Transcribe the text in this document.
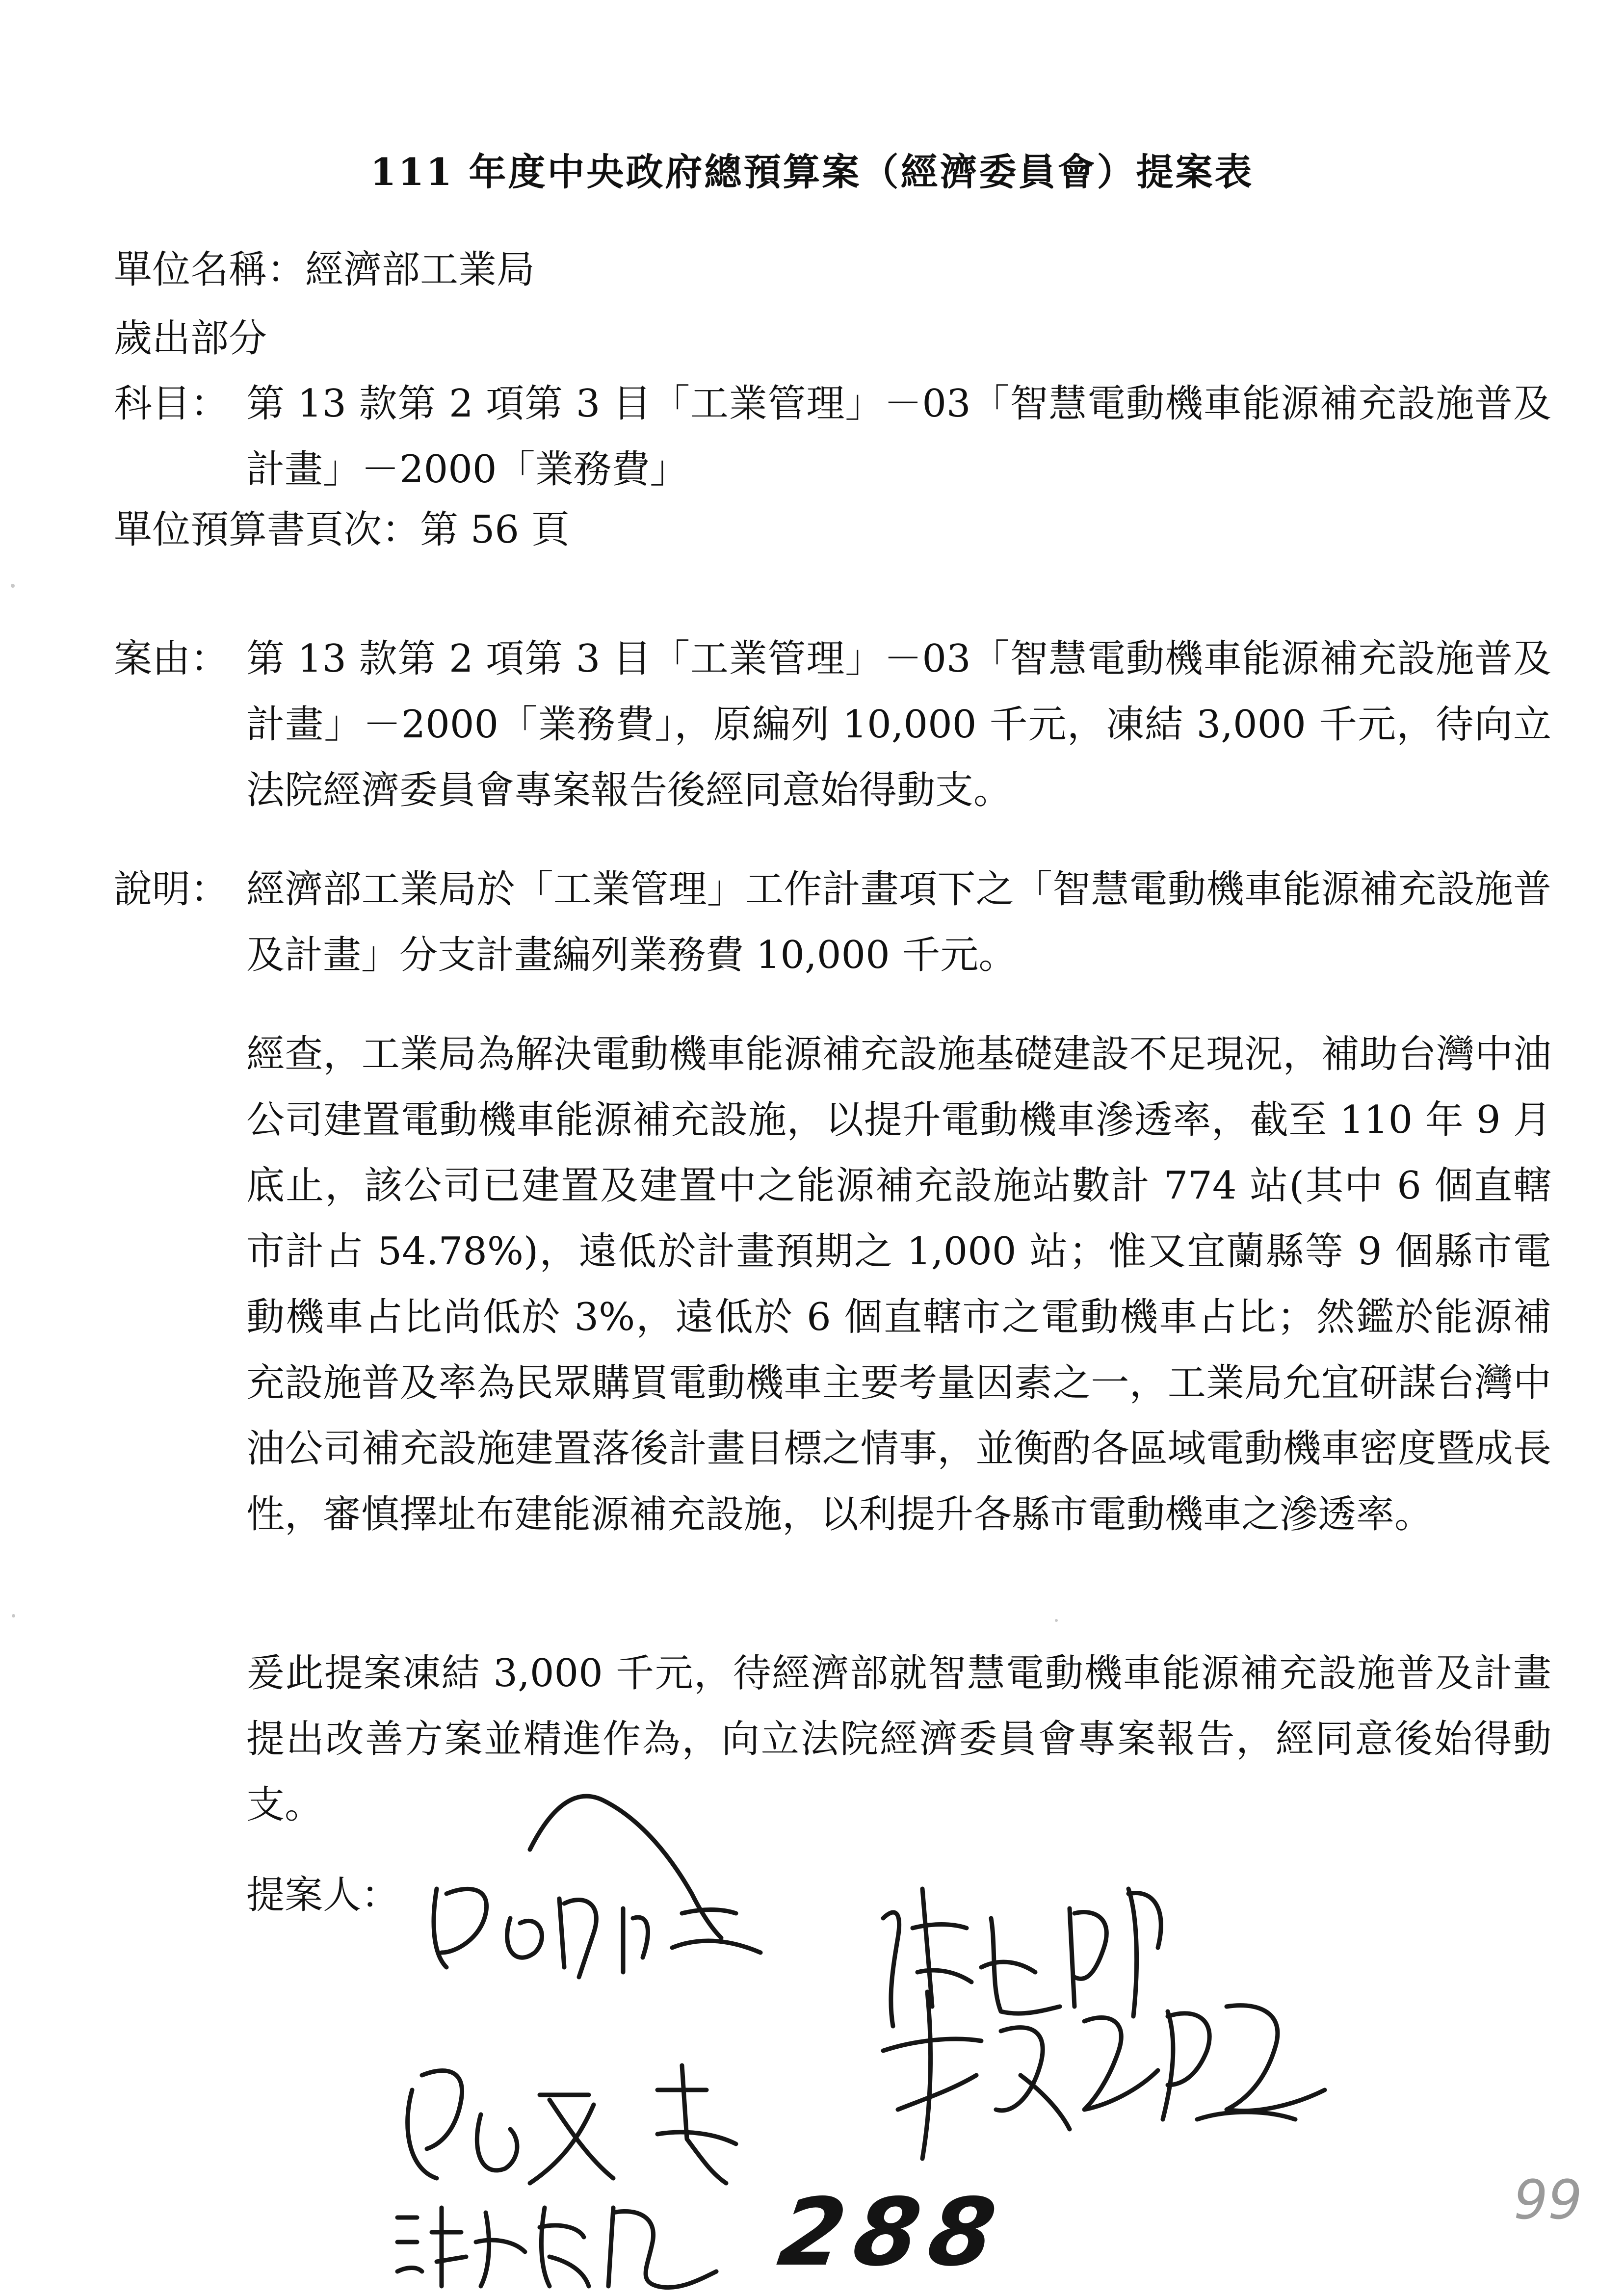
111 年度中央政府總預算案（經濟委員會）提案表
單位名稱：經濟部工業局
歲出部分
科目： 第 13 款第 2 項第 3 目「工業管理」－03「智慧電動機車能源補充設施普及計畫」－2000「業務費」
單位預算書頁次：第 56 頁
案由： 第 13 款第 2 項第 3 目「工業管理」－03「智慧電動機車能源補充設施普及計畫」－2000「業務費」，原編列 10,000 千元，凍結 3,000 千元，待向立法院經濟委員會專案報告後經同意始得動支。
說明： 經濟部工業局於「工業管理」工作計畫項下之「智慧電動機車能源補充設施普及計畫」分支計畫編列業務費 10,000 千元。
經查，工業局為解決電動機車能源補充設施基礎建設不足現況，補助台灣中油公司建置電動機車能源補充設施，以提升電動機車滲透率，截至 110 年 9 月底止，該公司已建置及建置中之能源補充設施站數計 774 站(其中 6 個直轄市計占 54.78%)，遠低於計畫預期之 1,000 站；惟又宜蘭縣等 9 個縣市電動機車占比尚低於 3%，遠低於 6 個直轄市之電動機車占比；然鑑於能源補充設施普及率為民眾購買電動機車主要考量因素之一，工業局允宜研謀台灣中油公司補充設施建置落後計畫目標之情事，並衡酌各區域電動機車密度暨成長性，審慎擇址布建能源補充設施，以利提升各縣市電動機車之滲透率。
爰此提案凍結 3,000 千元，待經濟部就智慧電動機車能源補充設施普及計畫提出改善方案並精進作為，向立法院經濟委員會專案報告，經同意後始得動支。
提案人：
288	99
